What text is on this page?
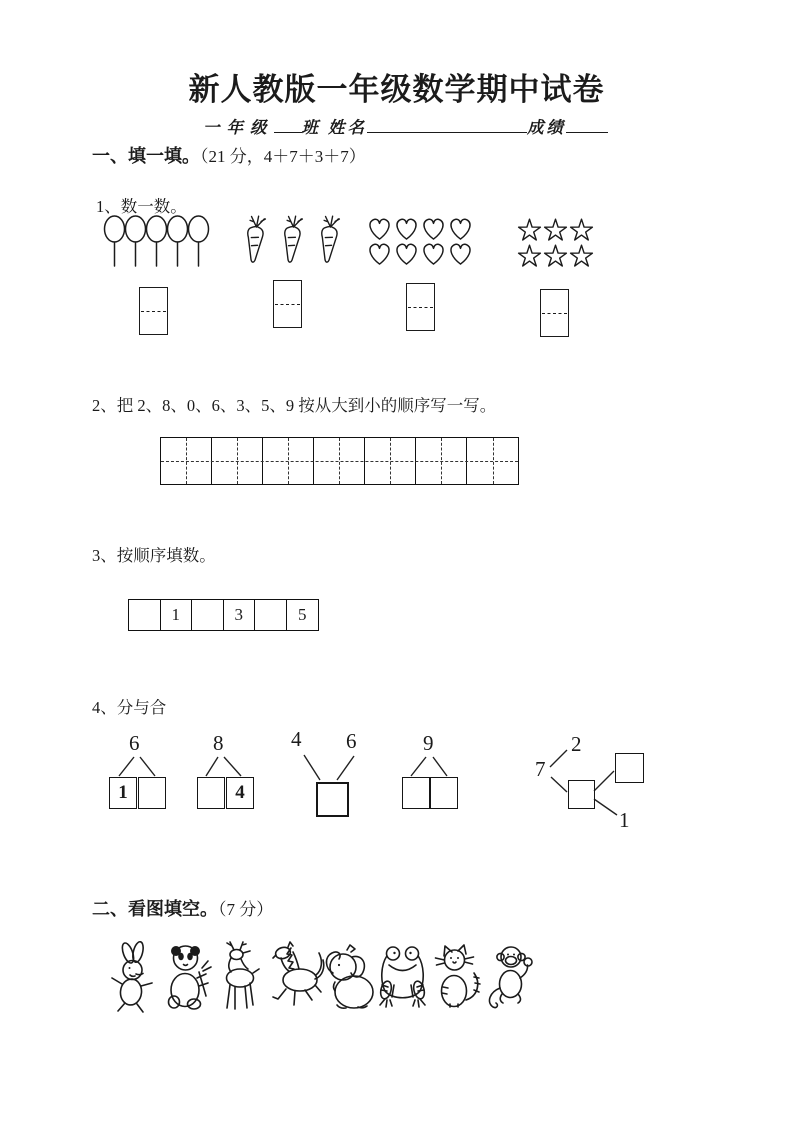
新人教版一年级数学期中试卷
一年级 班 姓名	成绩
一、填一填。（21 分，4＋7＋3＋7）
1、数一数。
2、把 2、8、0、6、3、5、9 按从大到小的顺序写一写。
3、按顺序填数。
1	3	5
4、分与合
6
1
8
4
4 6	9
7
2
1
二、看图填空。（7 分）
